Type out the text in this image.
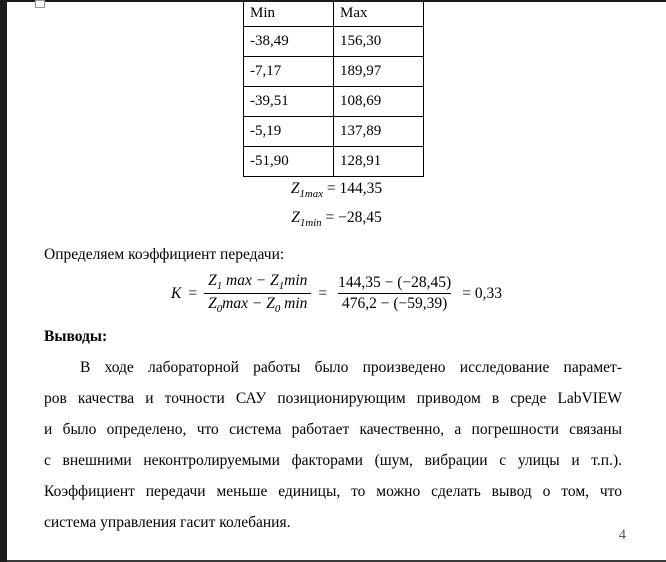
Min	Max
-38,49	156,30
-7,17	189,97
-39,51	108,69
-5,19	137,89
-51,90	128,91
$Z_{1max} = 144,35$
$Z_{1min} = -28,45$
Определяем коэффициент передачи:
$K = \frac{Z_1 \max - Z_1\min}{Z_0\max - Z_0 \min} = \frac{144,35 - (-28,45)}{476,2 - (-59,39)} = 0,33$
Выводы:
В ходе лабораторной работы было произведено исследование парамет-
ров качества и точности САУ позиционирующим приводом в среде LabVIEW
и было определено, что система работает качественно, а погрешности связаны
с внешними неконтролируемыми факторами (шум, вибрации с улицы и т.п.).
Коэффициент передачи меньше единицы, то можно сделать вывод о том, что
система управления гасит колебания.
4
